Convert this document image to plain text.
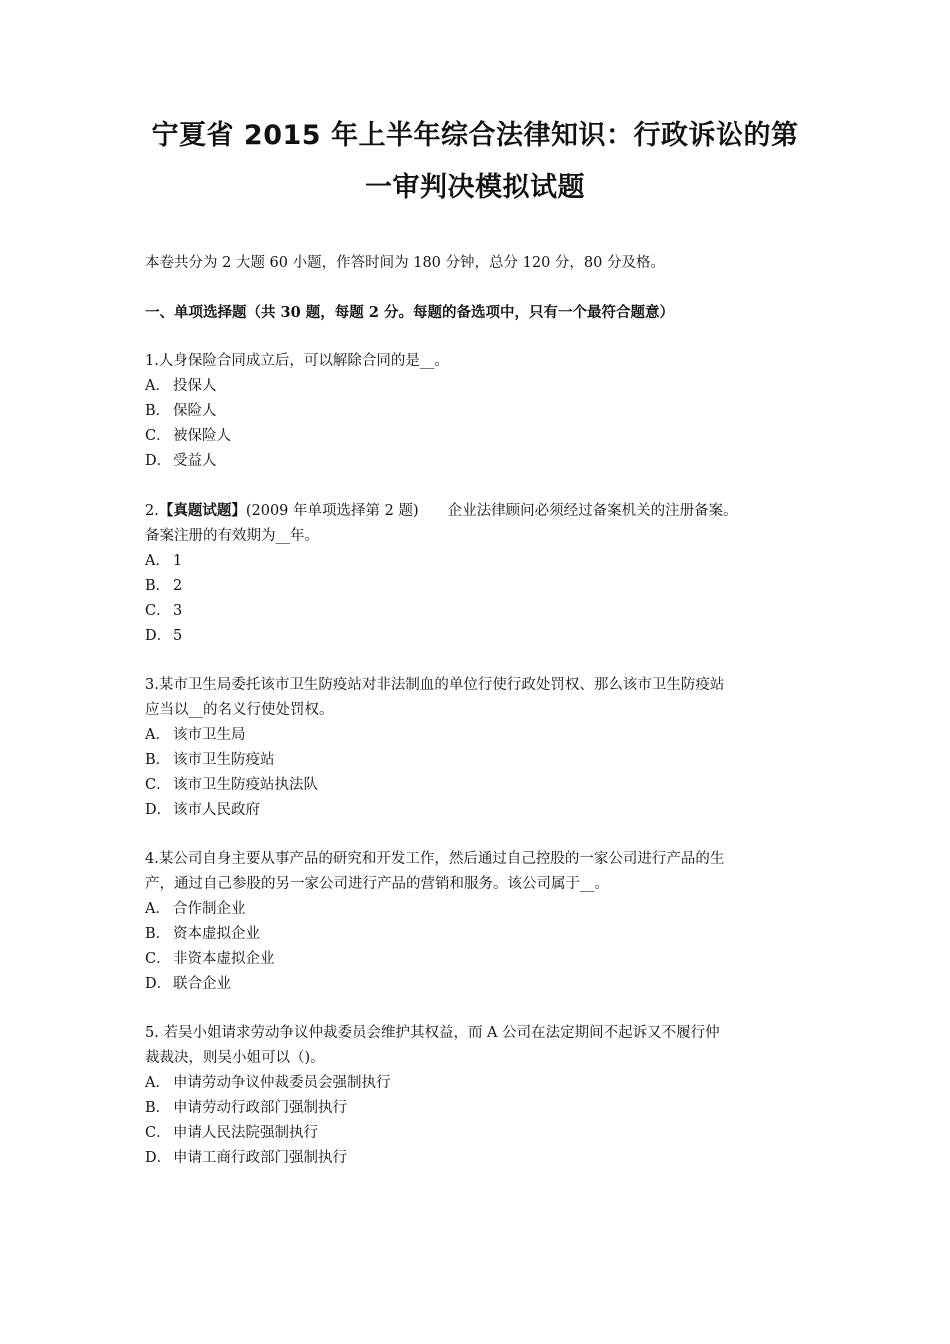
宁夏省 2015 年上半年综合法律知识：行政诉讼的第
一审判决模拟试题
本卷共分为 2 大题 60 小题，作答时间为 180 分钟，总分 120 分，80 分及格。
一、单项选择题（共 30 题，每题 2 分。每题的备选项中，只有一个最符合题意）

1.人身保险合同成立后，可以解除合同的是__。

A． 投保人
B． 保险人
C． 被保险人
D． 受益人

2.【真题试题】(2009 年单项选择第 2 题)　　企业法律顾问必须经过备案机关的注册备案。
备案注册的有效期为__年。

A． 1
B． 2
C． 3
D． 5

3.某市卫生局委托该市卫生防疫站对非法制血的单位行使行政处罚权、那么该市卫生防疫站
应当以__的名义行使处罚权。

A． 该市卫生局
B． 该市卫生防疫站
C． 该市卫生防疫站执法队
D． 该市人民政府

4.某公司自身主要从事产品的研究和开发工作，然后通过自己控股的一家公司进行产品的生
产，通过自己参股的另一家公司进行产品的营销和服务。该公司属于__。

A． 合作制企业
B． 资本虚拟企业
C． 非资本虚拟企业
D． 联合企业

5. 若吴小姐请求劳动争议仲裁委员会维护其权益，而 A 公司在法定期间不起诉又不履行仲
裁裁决，则吴小姐可以（)。

A． 申请劳动争议仲裁委员会强制执行
B． 申请劳动行政部门强制执行
C． 申请人民法院强制执行
D． 申请工商行政部门强制执行
